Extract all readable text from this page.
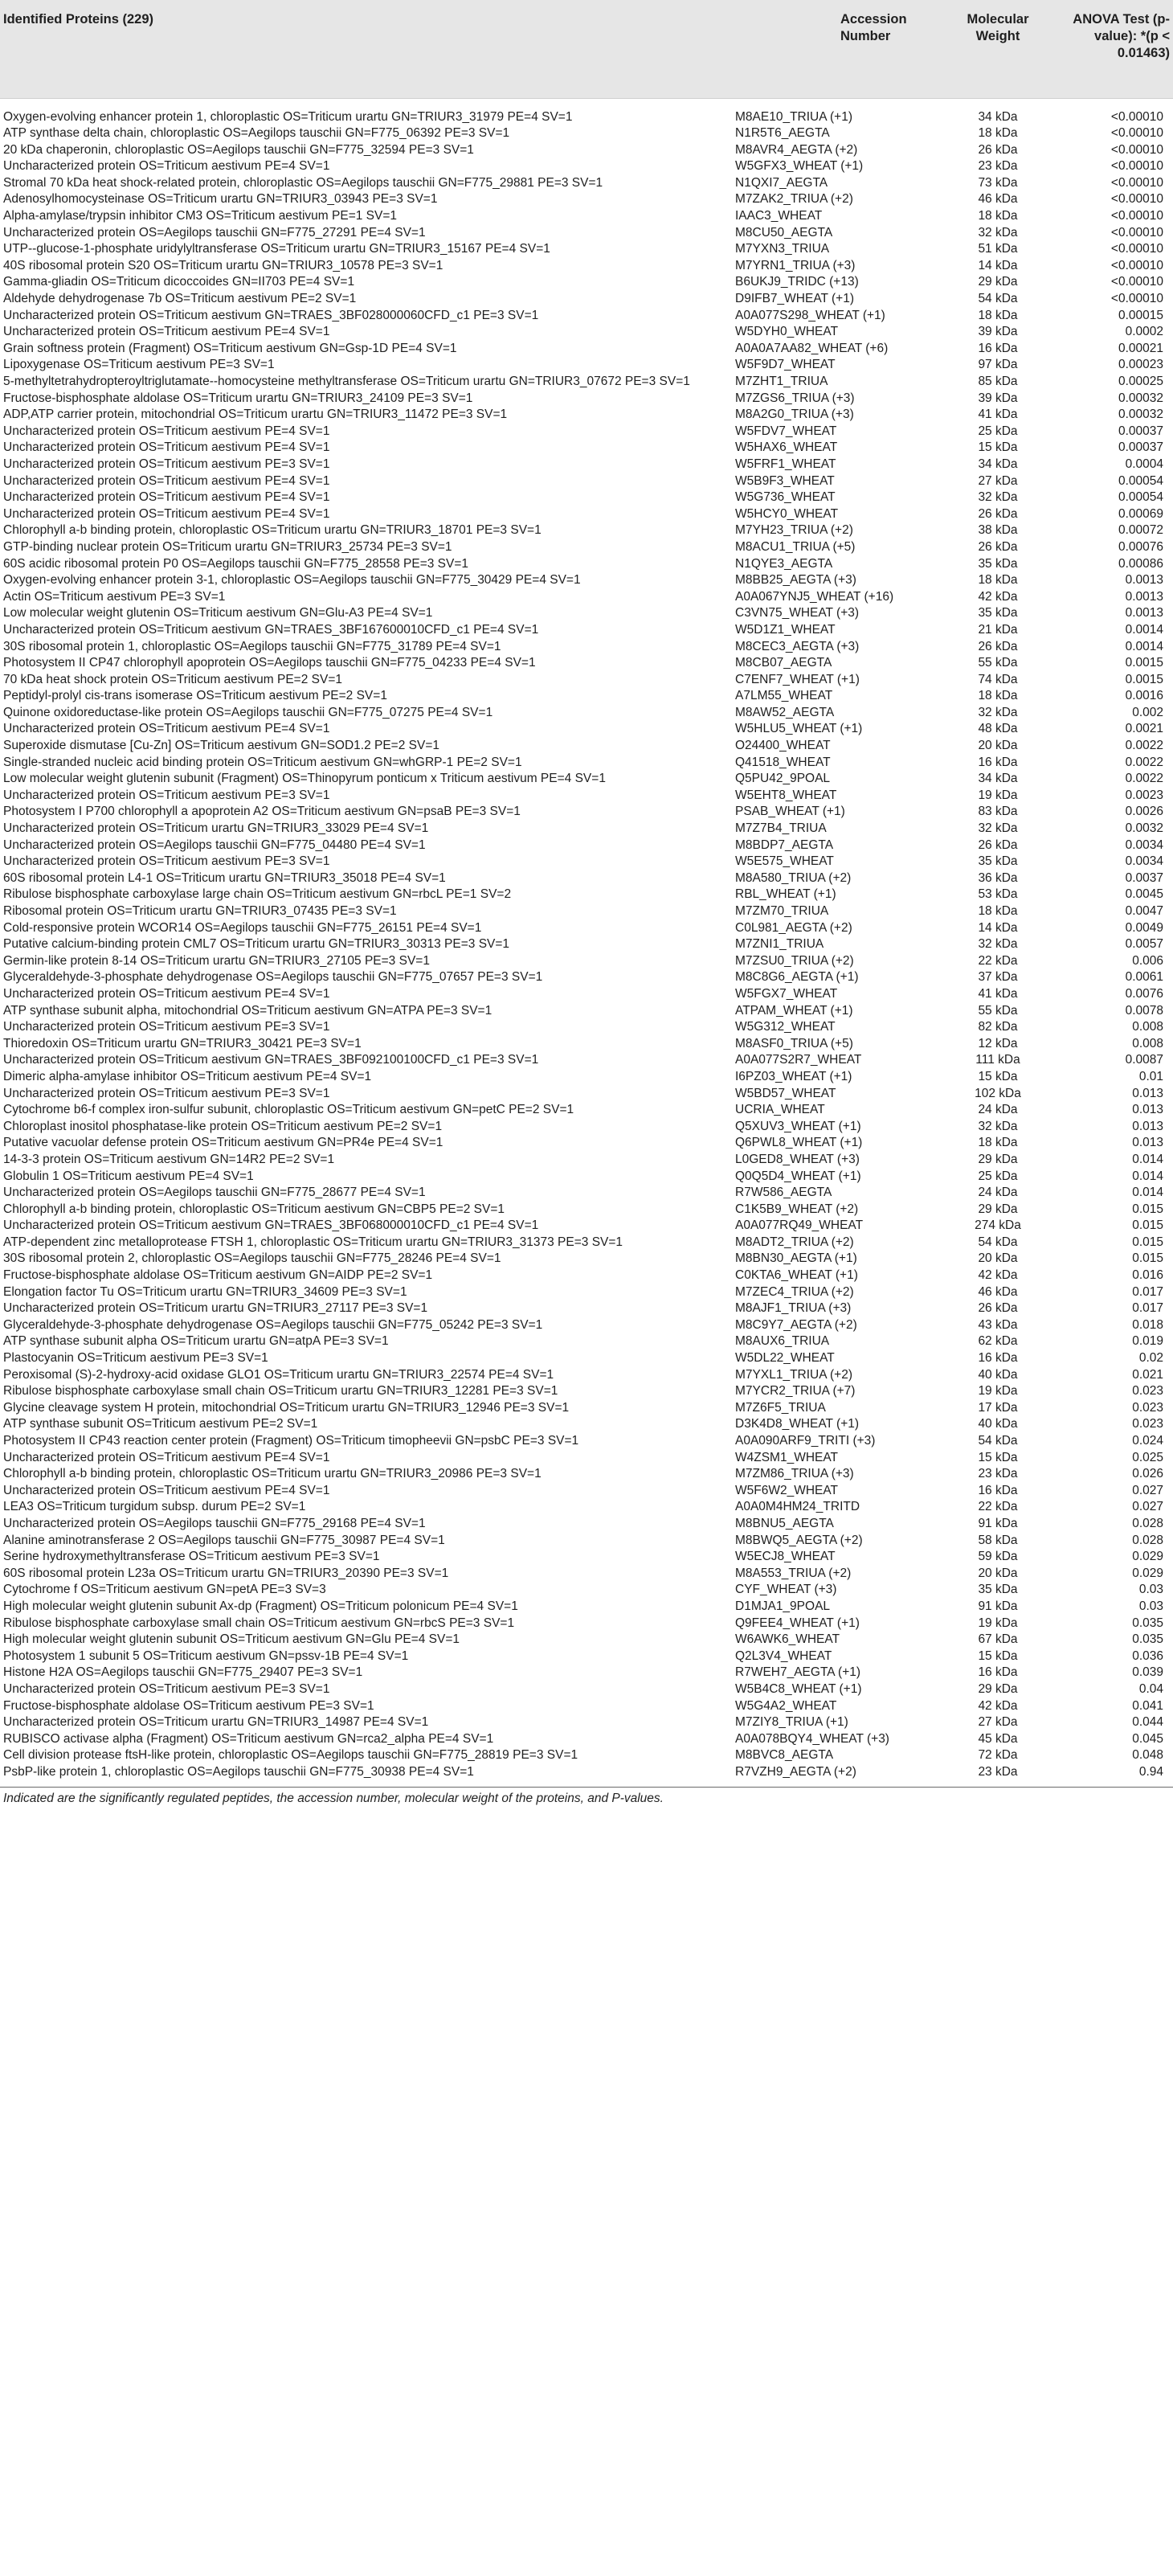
Identified Proteins (229)	Accession Number	Molecular Weight	ANOVA Test (p-value): *(p < 0.01463)

Oxygen-evolving enhancer protein 1, chloroplastic OS=Triticum urartu GN=TRIUR3_31979 PE=4 SV=1	M8AE10_TRIUA (+1)	34 kDa	<0.00010
ATP synthase delta chain, chloroplastic OS=Aegilops tauschii GN=F775_06392 PE=3 SV=1	N1R5T6_AEGTA	18 kDa	<0.00010
20 kDa chaperonin, chloroplastic OS=Aegilops tauschii GN=F775_32594 PE=3 SV=1	M8AVR4_AEGTA (+2)	26 kDa	<0.00010
Uncharacterized protein OS=Triticum aestivum PE=4 SV=1	W5GFX3_WHEAT (+1)	23 kDa	<0.00010
Stromal 70 kDa heat shock-related protein, chloroplastic OS=Aegilops tauschii GN=F775_29881 PE=3 SV=1	N1QXI7_AEGTA	73 kDa	<0.00010
Adenosylhomocysteinase OS=Triticum urartu GN=TRIUR3_03943 PE=3 SV=1	M7ZAK2_TRIUA (+2)	46 kDa	<0.00010
Alpha-amylase/trypsin inhibitor CM3 OS=Triticum aestivum PE=1 SV=1	IAAC3_WHEAT	18 kDa	<0.00010
Uncharacterized protein OS=Aegilops tauschii GN=F775_27291 PE=4 SV=1	M8CU50_AEGTA	32 kDa	<0.00010
UTP--glucose-1-phosphate uridylyltransferase OS=Triticum urartu GN=TRIUR3_15167 PE=4 SV=1	M7YXN3_TRIUA	51 kDa	<0.00010
40S ribosomal protein S20 OS=Triticum urartu GN=TRIUR3_10578 PE=3 SV=1	M7YRN1_TRIUA (+3)	14 kDa	<0.00010
Gamma-gliadin OS=Triticum dicoccoides GN=II703 PE=4 SV=1	B6UKJ9_TRIDC (+13)	29 kDa	<0.00010
Aldehyde dehydrogenase 7b OS=Triticum aestivum PE=2 SV=1	D9IFB7_WHEAT (+1)	54 kDa	<0.00010
Uncharacterized protein OS=Triticum aestivum GN=TRAES_3BF028000060CFD_c1 PE=3 SV=1	A0A077S298_WHEAT (+1)	18 kDa	0.00015
Uncharacterized protein OS=Triticum aestivum PE=4 SV=1	W5DYH0_WHEAT	39 kDa	0.0002
Grain softness protein (Fragment) OS=Triticum aestivum GN=Gsp-1D PE=4 SV=1	A0A0A7AA82_WHEAT (+6)	16 kDa	0.00021
Lipoxygenase OS=Triticum aestivum PE=3 SV=1	W5F9D7_WHEAT	97 kDa	0.00023
5-methyltetrahydropteroyltriglutamate--homocysteine methyltransferase OS=Triticum urartu GN=TRIUR3_07672 PE=3 SV=1	M7ZHT1_TRIUA	85 kDa	0.00025
Fructose-bisphosphate aldolase OS=Triticum urartu GN=TRIUR3_24109 PE=3 SV=1	M7ZGS6_TRIUA (+3)	39 kDa	0.00032
ADP,ATP carrier protein, mitochondrial OS=Triticum urartu GN=TRIUR3_11472 PE=3 SV=1	M8A2G0_TRIUA (+3)	41 kDa	0.00032
Uncharacterized protein OS=Triticum aestivum PE=4 SV=1	W5FDV7_WHEAT	25 kDa	0.00037
Uncharacterized protein OS=Triticum aestivum PE=4 SV=1	W5HAX6_WHEAT	15 kDa	0.00037
Uncharacterized protein OS=Triticum aestivum PE=3 SV=1	W5FRF1_WHEAT	34 kDa	0.0004
Uncharacterized protein OS=Triticum aestivum PE=4 SV=1	W5B9F3_WHEAT	27 kDa	0.00054
Uncharacterized protein OS=Triticum aestivum PE=4 SV=1	W5G736_WHEAT	32 kDa	0.00054
Uncharacterized protein OS=Triticum aestivum PE=4 SV=1	W5HCY0_WHEAT	26 kDa	0.00069
Chlorophyll a-b binding protein, chloroplastic OS=Triticum urartu GN=TRIUR3_18701 PE=3 SV=1	M7YH23_TRIUA (+2)	38 kDa	0.00072
GTP-binding nuclear protein OS=Triticum urartu GN=TRIUR3_25734 PE=3 SV=1	M8ACU1_TRIUA (+5)	26 kDa	0.00076
60S acidic ribosomal protein P0 OS=Aegilops tauschii GN=F775_28558 PE=3 SV=1	N1QYE3_AEGTA	35 kDa	0.00086
Oxygen-evolving enhancer protein 3-1, chloroplastic OS=Aegilops tauschii GN=F775_30429 PE=4 SV=1	M8BB25_AEGTA (+3)	18 kDa	0.0013
Actin OS=Triticum aestivum PE=3 SV=1	A0A067YNJ5_WHEAT (+16)	42 kDa	0.0013
Low molecular weight glutenin OS=Triticum aestivum GN=Glu-A3 PE=4 SV=1	C3VN75_WHEAT (+3)	35 kDa	0.0013
Uncharacterized protein OS=Triticum aestivum GN=TRAES_3BF167600010CFD_c1 PE=4 SV=1	W5D1Z1_WHEAT	21 kDa	0.0014
30S ribosomal protein 1, chloroplastic OS=Aegilops tauschii GN=F775_31789 PE=4 SV=1	M8CEC3_AEGTA (+3)	26 kDa	0.0014
Photosystem II CP47 chlorophyll apoprotein OS=Aegilops tauschii GN=F775_04233 PE=4 SV=1	M8CB07_AEGTA	55 kDa	0.0015
70 kDa heat shock protein OS=Triticum aestivum PE=2 SV=1	C7ENF7_WHEAT (+1)	74 kDa	0.0015
Peptidyl-prolyl cis-trans isomerase OS=Triticum aestivum PE=2 SV=1	A7LM55_WHEAT	18 kDa	0.0016
Quinone oxidoreductase-like protein OS=Aegilops tauschii GN=F775_07275 PE=4 SV=1	M8AW52_AEGTA	32 kDa	0.002
Uncharacterized protein OS=Triticum aestivum PE=4 SV=1	W5HLU5_WHEAT (+1)	48 kDa	0.0021
Superoxide dismutase [Cu-Zn] OS=Triticum aestivum GN=SOD1.2 PE=2 SV=1	O24400_WHEAT	20 kDa	0.0022
Single-stranded nucleic acid binding protein OS=Triticum aestivum GN=whGRP-1 PE=2 SV=1	Q41518_WHEAT	16 kDa	0.0022
Low molecular weight glutenin subunit (Fragment) OS=Thinopyrum ponticum x Triticum aestivum PE=4 SV=1	Q5PU42_9POAL	34 kDa	0.0022
Uncharacterized protein OS=Triticum aestivum PE=3 SV=1	W5EHT8_WHEAT	19 kDa	0.0023
Photosystem I P700 chlorophyll a apoprotein A2 OS=Triticum aestivum GN=psaB PE=3 SV=1	PSAB_WHEAT (+1)	83 kDa	0.0026
Uncharacterized protein OS=Triticum urartu GN=TRIUR3_33029 PE=4 SV=1	M7Z7B4_TRIUA	32 kDa	0.0032
Uncharacterized protein OS=Aegilops tauschii GN=F775_04480 PE=4 SV=1	M8BDP7_AEGTA	26 kDa	0.0034
Uncharacterized protein OS=Triticum aestivum PE=3 SV=1	W5E575_WHEAT	35 kDa	0.0034
60S ribosomal protein L4-1 OS=Triticum urartu GN=TRIUR3_35018 PE=4 SV=1	M8A580_TRIUA (+2)	36 kDa	0.0037
Ribulose bisphosphate carboxylase large chain OS=Triticum aestivum GN=rbcL PE=1 SV=2	RBL_WHEAT (+1)	53 kDa	0.0045
Ribosomal protein OS=Triticum urartu GN=TRIUR3_07435 PE=3 SV=1	M7ZM70_TRIUA	18 kDa	0.0047
Cold-responsive protein WCOR14 OS=Aegilops tauschii GN=F775_26151 PE=4 SV=1	C0L981_AEGTA (+2)	14 kDa	0.0049
Putative calcium-binding protein CML7 OS=Triticum urartu GN=TRIUR3_30313 PE=3 SV=1	M7ZNI1_TRIUA	32 kDa	0.0057
Germin-like protein 8-14 OS=Triticum urartu GN=TRIUR3_27105 PE=3 SV=1	M7ZSU0_TRIUA (+2)	22 kDa	0.006
Glyceraldehyde-3-phosphate dehydrogenase OS=Aegilops tauschii GN=F775_07657 PE=3 SV=1	M8C8G6_AEGTA (+1)	37 kDa	0.0061
Uncharacterized protein OS=Triticum aestivum PE=4 SV=1	W5FGX7_WHEAT	41 kDa	0.0076
ATP synthase subunit alpha, mitochondrial OS=Triticum aestivum GN=ATPA PE=3 SV=1	ATPAM_WHEAT (+1)	55 kDa	0.0078
Uncharacterized protein OS=Triticum aestivum PE=3 SV=1	W5G312_WHEAT	82 kDa	0.008
Thioredoxin OS=Triticum urartu GN=TRIUR3_30421 PE=3 SV=1	M8ASF0_TRIUA (+5)	12 kDa	0.008
Uncharacterized protein OS=Triticum aestivum GN=TRAES_3BF092100100CFD_c1 PE=3 SV=1	A0A077S2R7_WHEAT	111 kDa	0.0087
Dimeric alpha-amylase inhibitor OS=Triticum aestivum PE=4 SV=1	I6PZ03_WHEAT (+1)	15 kDa	0.01
Uncharacterized protein OS=Triticum aestivum PE=3 SV=1	W5BD57_WHEAT	102 kDa	0.013
Cytochrome b6-f complex iron-sulfur subunit, chloroplastic OS=Triticum aestivum GN=petC PE=2 SV=1	UCRIA_WHEAT	24 kDa	0.013
Chloroplast inositol phosphatase-like protein OS=Triticum aestivum PE=2 SV=1	Q5XUV3_WHEAT (+1)	32 kDa	0.013
Putative vacuolar defense protein OS=Triticum aestivum GN=PR4e PE=4 SV=1	Q6PWL8_WHEAT (+1)	18 kDa	0.013
14-3-3 protein OS=Triticum aestivum GN=14R2 PE=2 SV=1	L0GED8_WHEAT (+3)	29 kDa	0.014
Globulin 1 OS=Triticum aestivum PE=4 SV=1	Q0Q5D4_WHEAT (+1)	25 kDa	0.014
Uncharacterized protein OS=Aegilops tauschii GN=F775_28677 PE=4 SV=1	R7W586_AEGTA	24 kDa	0.014
Chlorophyll a-b binding protein, chloroplastic OS=Triticum aestivum GN=CBP5 PE=2 SV=1	C1K5B9_WHEAT (+2)	29 kDa	0.015
Uncharacterized protein OS=Triticum aestivum GN=TRAES_3BF068000010CFD_c1 PE=4 SV=1	A0A077RQ49_WHEAT	274 kDa	0.015
ATP-dependent zinc metalloprotease FTSH 1, chloroplastic OS=Triticum urartu GN=TRIUR3_31373 PE=3 SV=1	M8ADT2_TRIUA (+2)	54 kDa	0.015
30S ribosomal protein 2, chloroplastic OS=Aegilops tauschii GN=F775_28246 PE=4 SV=1	M8BN30_AEGTA (+1)	20 kDa	0.015
Fructose-bisphosphate aldolase OS=Triticum aestivum GN=AIDP PE=2 SV=1	C0KTA6_WHEAT (+1)	42 kDa	0.016
Elongation factor Tu OS=Triticum urartu GN=TRIUR3_34609 PE=3 SV=1	M7ZEC4_TRIUA (+2)	46 kDa	0.017
Uncharacterized protein OS=Triticum urartu GN=TRIUR3_27117 PE=3 SV=1	M8AJF1_TRIUA (+3)	26 kDa	0.017
Glyceraldehyde-3-phosphate dehydrogenase OS=Aegilops tauschii GN=F775_05242 PE=3 SV=1	M8C9Y7_AEGTA (+2)	43 kDa	0.018
ATP synthase subunit alpha OS=Triticum urartu GN=atpA PE=3 SV=1	M8AUX6_TRIUA	62 kDa	0.019
Plastocyanin OS=Triticum aestivum PE=3 SV=1	W5DL22_WHEAT	16 kDa	0.02
Peroxisomal (S)-2-hydroxy-acid oxidase GLO1 OS=Triticum urartu GN=TRIUR3_22574 PE=4 SV=1	M7YXL1_TRIUA (+2)	40 kDa	0.021
Ribulose bisphosphate carboxylase small chain OS=Triticum urartu GN=TRIUR3_12281 PE=3 SV=1	M7YCR2_TRIUA (+7)	19 kDa	0.023
Glycine cleavage system H protein, mitochondrial OS=Triticum urartu GN=TRIUR3_12946 PE=3 SV=1	M7Z6F5_TRIUA	17 kDa	0.023
ATP synthase subunit OS=Triticum aestivum PE=2 SV=1	D3K4D8_WHEAT (+1)	40 kDa	0.023
Photosystem II CP43 reaction center protein (Fragment) OS=Triticum timopheevii GN=psbC PE=3 SV=1	A0A090ARF9_TRITI (+3)	54 kDa	0.024
Uncharacterized protein OS=Triticum aestivum PE=4 SV=1	W4ZSM1_WHEAT	15 kDa	0.025
Chlorophyll a-b binding protein, chloroplastic OS=Triticum urartu GN=TRIUR3_20986 PE=3 SV=1	M7ZM86_TRIUA (+3)	23 kDa	0.026
Uncharacterized protein OS=Triticum aestivum PE=4 SV=1	W5F6W2_WHEAT	16 kDa	0.027
LEA3 OS=Triticum turgidum subsp. durum PE=2 SV=1	A0A0M4HM24_TRITD	22 kDa	0.027
Uncharacterized protein OS=Aegilops tauschii GN=F775_29168 PE=4 SV=1	M8BNU5_AEGTA	91 kDa	0.028
Alanine aminotransferase 2 OS=Aegilops tauschii GN=F775_30987 PE=4 SV=1	M8BWQ5_AEGTA (+2)	58 kDa	0.028
Serine hydroxymethyltransferase OS=Triticum aestivum PE=3 SV=1	W5ECJ8_WHEAT	59 kDa	0.029
60S ribosomal protein L23a OS=Triticum urartu GN=TRIUR3_20390 PE=3 SV=1	M8A553_TRIUA (+2)	20 kDa	0.029
Cytochrome f OS=Triticum aestivum GN=petA PE=3 SV=3	CYF_WHEAT (+3)	35 kDa	0.03
High molecular weight glutenin subunit Ax-dp (Fragment) OS=Triticum polonicum PE=4 SV=1	D1MJA1_9POAL	91 kDa	0.03
Ribulose bisphosphate carboxylase small chain OS=Triticum aestivum GN=rbcS PE=3 SV=1	Q9FEE4_WHEAT (+1)	19 kDa	0.035
High molecular weight glutenin subunit OS=Triticum aestivum GN=Glu PE=4 SV=1	W6AWK6_WHEAT	67 kDa	0.035
Photosystem 1 subunit 5 OS=Triticum aestivum GN=pssv-1B PE=4 SV=1	Q2L3V4_WHEAT	15 kDa	0.036
Histone H2A OS=Aegilops tauschii GN=F775_29407 PE=3 SV=1	R7WEH7_AEGTA (+1)	16 kDa	0.039
Uncharacterized protein OS=Triticum aestivum PE=3 SV=1	W5B4C8_WHEAT (+1)	29 kDa	0.04
Fructose-bisphosphate aldolase OS=Triticum aestivum PE=3 SV=1	W5G4A2_WHEAT	42 kDa	0.041
Uncharacterized protein OS=Triticum urartu GN=TRIUR3_14987 PE=4 SV=1	M7ZIY8_TRIUA (+1)	27 kDa	0.044
RUBISCO activase alpha (Fragment) OS=Triticum aestivum GN=rca2_alpha PE=4 SV=1	A0A078BQY4_WHEAT (+3)	45 kDa	0.045
Cell division protease ftsH-like protein, chloroplastic OS=Aegilops tauschii GN=F775_28819 PE=3 SV=1	M8BVC8_AEGTA	72 kDa	0.048
PsbP-like protein 1, chloroplastic OS=Aegilops tauschii GN=F775_30938 PE=4 SV=1	R7VZH9_AEGTA (+2)	23 kDa	0.94
Indicated are the significantly regulated peptides, the accession number, molecular weight of the proteins, and P-values.
